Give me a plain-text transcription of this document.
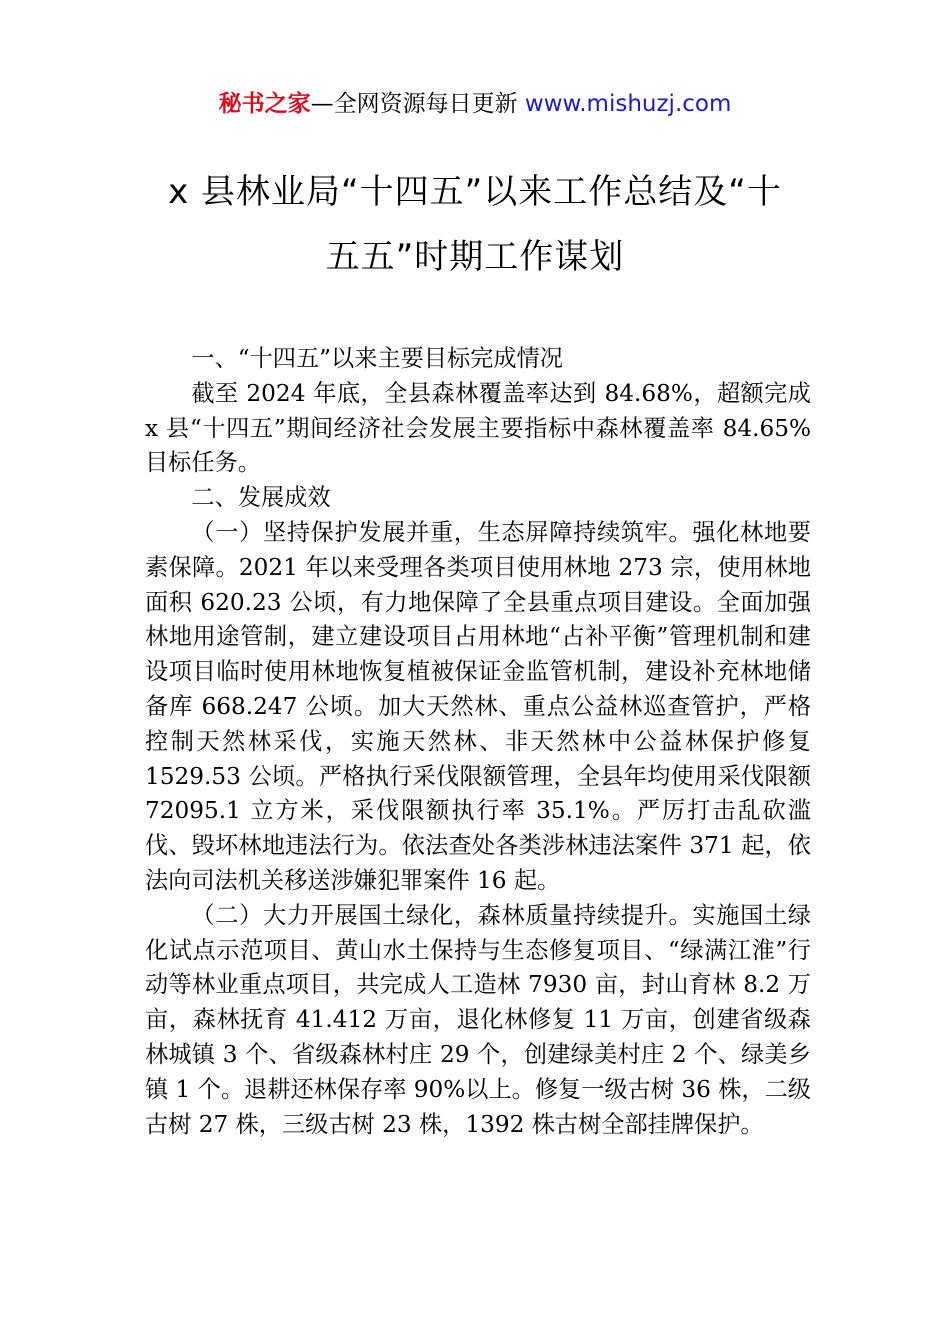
秘书之家—全网资源每日更新 www.mishuzj.com
x 县林业局“十四五”以来工作总结及“十
五五”时期工作谋划

一、“十四五”以来主要目标完成情况

截至 2024 年底，全县森林覆盖率达到 84.68%，超额完成 x 县“十四五”期间经济社会发展主要指标中森林覆盖率 84.65%目标任务。

二、发展成效

（一）坚持保护发展并重，生态屏障持续筑牢。强化林地要素保障。2021 年以来受理各类项目使用林地 273 宗，使用林地面积 620.23 公顷，有力地保障了全县重点项目建设。全面加强林地用途管制，建立建设项目占用林地“占补平衡”管理机制和建设项目临时使用林地恢复植被保证金监管机制，建设补充林地储备库 668.247 公顷。加大天然林、重点公益林巡查管护，严格控制天然林采伐，实施天然林、非天然林中公益林保护修复 1529.53 公顷。严格执行采伐限额管理，全县年均使用采伐限额 72095.1 立方米，采伐限额执行率 35.1%。严厉打击乱砍滥伐、毁坏林地违法行为。依法查处各类涉林违法案件 371 起，依法向司法机关移送涉嫌犯罪案件 16 起。

（二）大力开展国土绿化，森林质量持续提升。实施国土绿化试点示范项目、黄山水土保持与生态修复项目、“绿满江淮”行动等林业重点项目，共完成人工造林 7930 亩，封山育林 8.2 万亩，森林抚育 41.412 万亩，退化林修复 11 万亩，创建省级森林城镇 3 个、省级森林村庄 29 个，创建绿美村庄 2 个、绿美乡镇 1 个。退耕还林保存率 90%以上。修复一级古树 36 株，二级古树 27 株，三级古树 23 株，1392 株古树全部挂牌保护。
